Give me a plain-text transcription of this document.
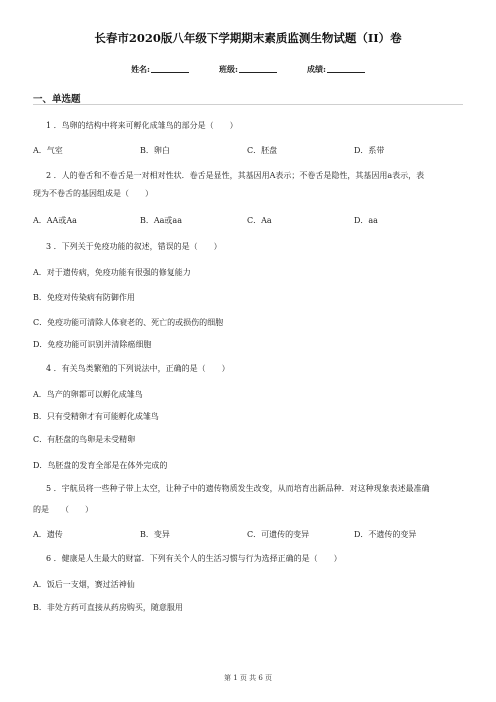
长春市2020版八年级下学期期末素质监测生物试题（II）卷
姓名:	班级:	成绩:
一、单选题
1 ．鸟卵的结构中将来可孵化成雏鸟的部分是（　　）
A．气室	B．卵白	C．胚盘	D．系带
2 ．人的卷舌和不卷舌是一对相对性状．卷舌是显性，其基因用A表示；不卷舌是隐性，其基因用a表示，表
现为不卷舌的基因组成是（　　）
A．AA或Aa	B．Aa或aa	C．Aa	D．aa
3 ．下列关于免疫功能的叙述，错误的是（　　）
A．对于遗传病，免疫功能有很强的修复能力
B．免疫对传染病有防御作用
C．免疫功能可清除人体衰老的、死亡的或损伤的细胞
D．免疫功能可识别并清除癌细胞
4 ．有关鸟类繁殖的下列说法中，正确的是（　　）
A．鸟产的卵都可以孵化成雏鸟
B．只有受精卵才有可能孵化成雏鸟
C．有胚盘的鸟卵是未受精卵
D．鸟胚盘的发育全部是在体外完成的
5 ．宇航员将一些种子带上太空，让种子中的遗传物质发生改变，从而培育出新品种．对这种现象表述最准确
的是　　（　　）
A．遗传	B．变异	C．可遗传的变异	D．不遗传的变异
6 ．健康是人生最大的财富．下列有关个人的生活习惯与行为选择正确的是（　　）
A．饭后一支烟，赛过活神仙
B．非处方药可直接从药房购买，随意服用
第 1 页 共 6 页
